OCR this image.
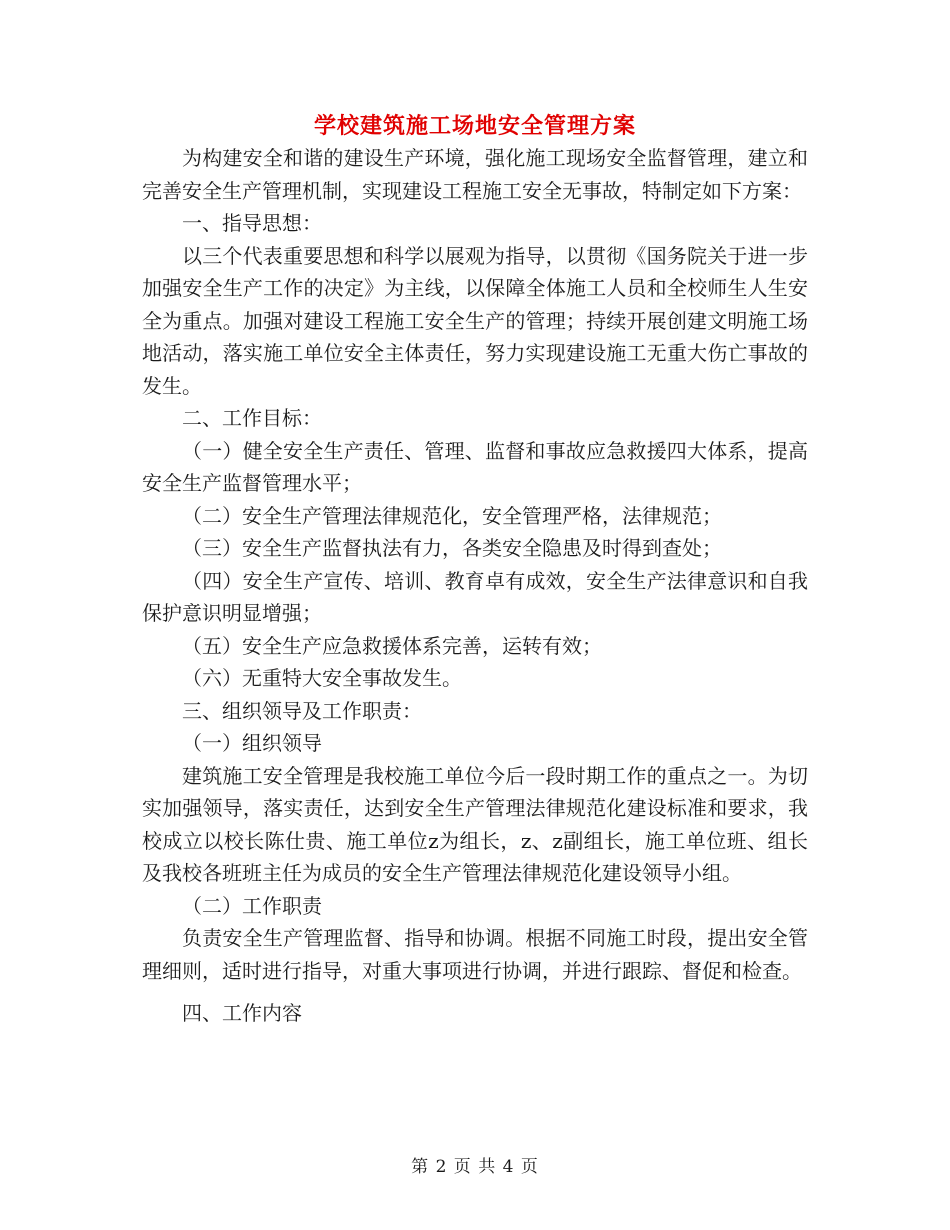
学校建筑施工场地安全管理方案

为构建安全和谐的建设生产环境，强化施工现场安全监督管理，建立和完善安全生产管理机制，实现建设工程施工安全无事故，特制定如下方案：

一、指导思想：

以三个代表重要思想和科学以展观为指导，以贯彻《国务院关于进一步加强安全生产工作的决定》为主线，以保障全体施工人员和全校师生人生安全为重点。加强对建设工程施工安全生产的管理；持续开展创建文明施工场地活动，落实施工单位安全主体责任，努力实现建设施工无重大伤亡事故的发生。

二、工作目标：

（一）健全安全生产责任、管理、监督和事故应急救援四大体系，提高安全生产监督管理水平；

（二）安全生产管理法律规范化，安全管理严格，法律规范；

（三）安全生产监督执法有力，各类安全隐患及时得到查处；

（四）安全生产宣传、培训、教育卓有成效，安全生产法律意识和自我保护意识明显增强；

（五）安全生产应急救援体系完善，运转有效；

（六）无重特大安全事故发生。

三、组织领导及工作职责：

（一）组织领导

建筑施工安全管理是我校施工单位今后一段时期工作的重点之一。为切实加强领导，落实责任，达到安全生产管理法律规范化建设标准和要求，我校成立以校长陈仕贵、施工单位z为组长，z、z副组长，施工单位班、组长及我校各班班主任为成员的安全生产管理法律规范化建设领导小组。

（二）工作职责

负责安全生产管理监督、指导和协调。根据不同施工时段，提出安全管理细则，适时进行指导，对重大事项进行协调，并进行跟踪、督促和检查。

四、工作内容

第 2 页 共 4 页
